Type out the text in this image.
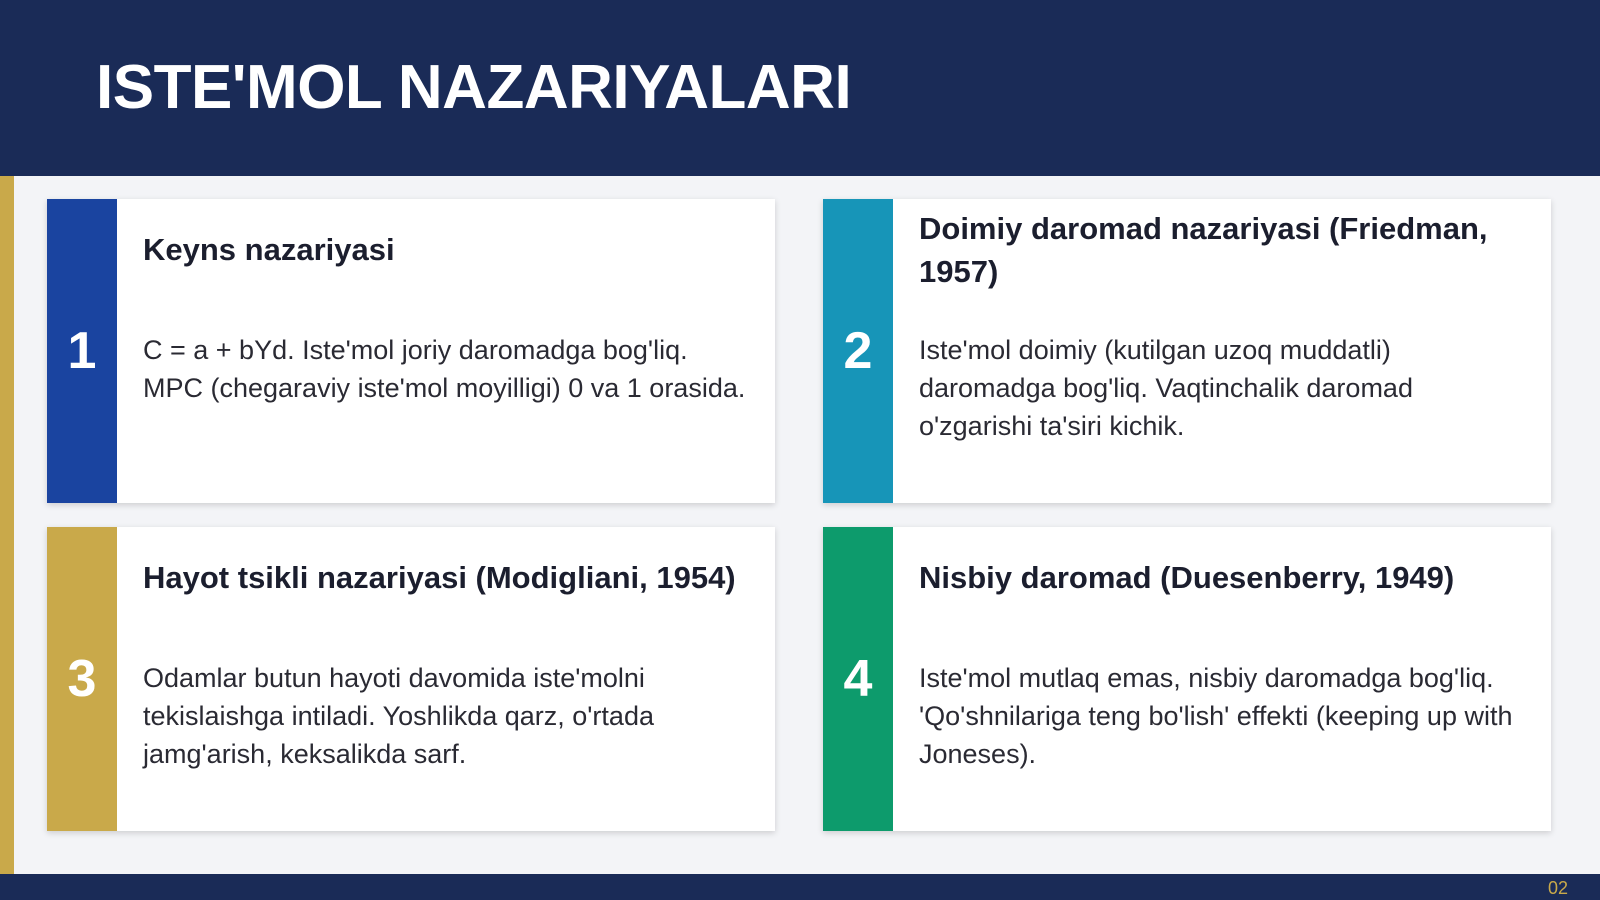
ISTE'MOL NAZARIYALARI
1
Keyns nazariyasi

C = a + bYd. Iste'mol joriy daromadga bog'liq. MPC (chegaraviy iste'mol moyilligi) 0 va 1 orasida.

2
Doimiy daromad nazariyasi (Friedman, 1957)

Iste'mol doimiy (kutilgan uzoq muddatli) daromadga bog'liq. Vaqtinchalik daromad o'zgarishi ta'siri kichik.

3
Hayot tsikli nazariyasi (Modigliani, 1954)

Odamlar butun hayoti davomida iste'molni tekislaishga intiladi. Yoshlikda qarz, o'rtada jamg'arish, keksalikda sarf.

4
Nisbiy daromad (Duesenberry, 1949)

Iste'mol mutlaq emas, nisbiy daromadga bog'liq. 'Qo'shnilariga teng bo'lish' effekti (keeping up with Joneses).

02
